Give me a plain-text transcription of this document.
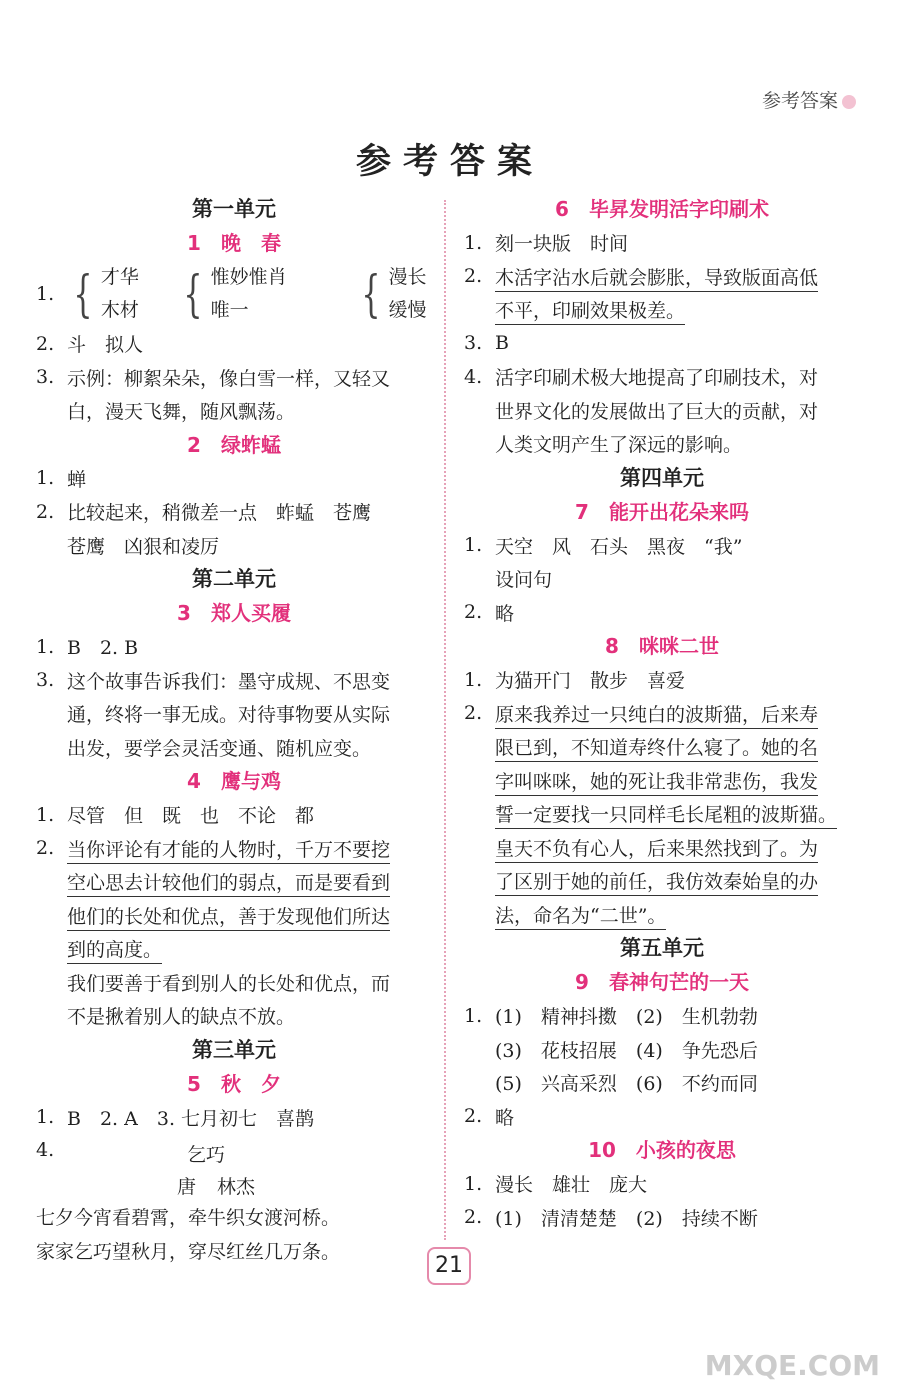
参考答案
参考答案
第一单元
1　晚　春
1. { 才华
木材 { 惟妙惟肖
唯一	{ 漫长
缓慢
2. 斗　拟人
3. 示例：柳絮朵朵，像白雪一样，又轻又
白，漫天飞舞，随风飘荡。
2　绿蚱蜢
1. 蝉
2. 比较起来，稍微差一点　蚱蜢　苍鹰
苍鹰　凶狠和凌厉
第二单元
3　郑人买履
1. B　2. B
3. 这个故事告诉我们：墨守成规、不思变
通，终将一事无成。对待事物要从实际
出发，要学会灵活变通、随机应变。
4　鹰与鸡
1. 尽管　但　既　也　不论　都
2. 当你评论有才能的人物时，千万不要挖
空心思去计较他们的弱点，而是要看到
他们的长处和优点，善于发现他们所达
到的高度。
我们要善于看到别人的长处和优点，而
不是揪着别人的缺点不放。
第三单元
5　秋　夕
1. B　2. A　3. 七月初七　喜鹊
4.	乞巧
唐 林杰
七夕今宵看碧霄，牵牛织女渡河桥。
家家乞巧望秋月，穿尽红丝几万条。
6　毕昇发明活字印刷术
1. 刻一块版　时间
2. 木活字沾水后就会膨胀，导致版面高低
不平，印刷效果极差。
3. B
4. 活字印刷术极大地提高了印刷技术，对
世界文化的发展做出了巨大的贡献，对
人类文明产生了深远的影响。
第四单元
7　能开出花朵来吗
1. 天空　风　石头　黑夜　“我”
设问句
2. 略
8　咪咪二世
1. 为猫开门　散步　喜爱
2. 原来我养过一只纯白的波斯猫，后来寿
限已到，不知道寿终什么寝了。她的名
字叫咪咪，她的死让我非常悲伤，我发
誓一定要找一只同样毛长尾粗的波斯猫。
皇天不负有心人，后来果然找到了。为
了区别于她的前任，我仿效秦始皇的办
法，命名为“二世”。
第五单元
9　春神句芒的一天
1. (1)　精神抖擞　(2)　生机勃勃
(3)　花枝招展　(4)　争先恐后
(5)　兴高采烈　(6)　不约而同
2. 略
10　小孩的夜思
1. 漫长　雄壮　庞大
2. (1)　清清楚楚　(2)　持续不断
21
MXQE.COM
